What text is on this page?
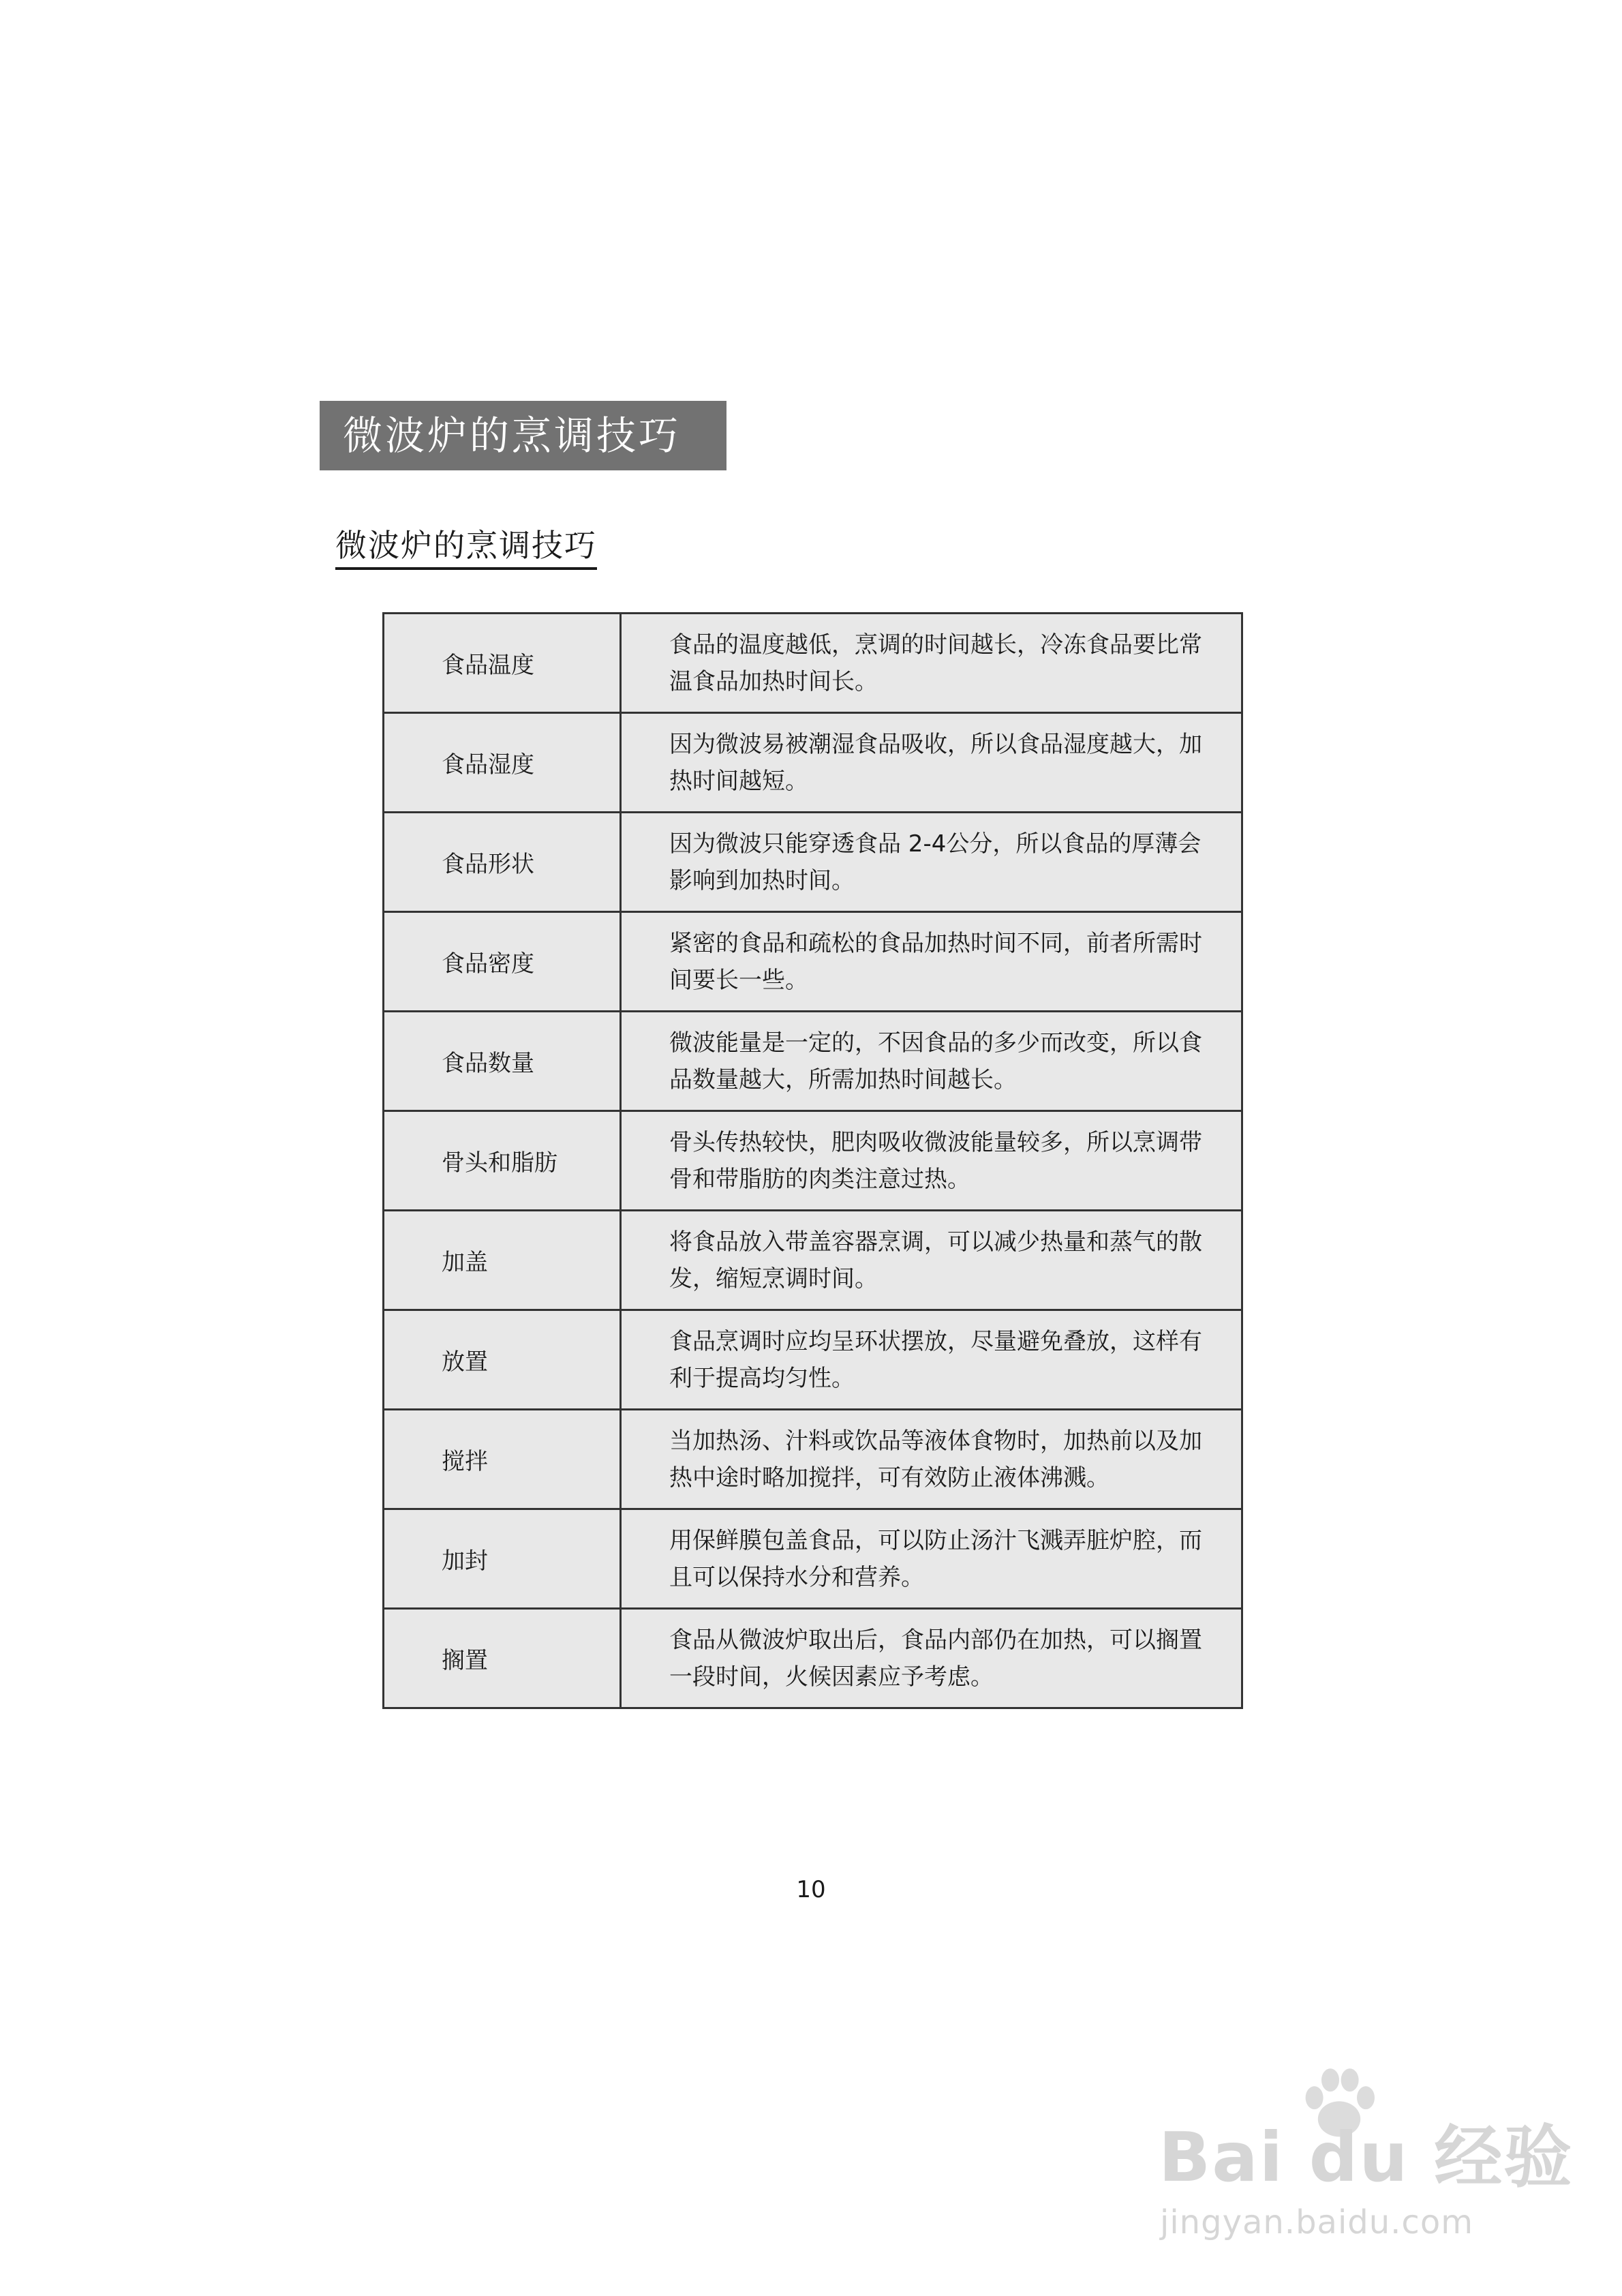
微波炉的烹调技巧
微波炉的烹调技巧
食品温度	食品的温度越低，烹调的时间越长，冷冻食品要比常温食品加热时间长。
食品湿度	因为微波易被潮湿食品吸收，所以食品湿度越大，加热时间越短。
食品形状	因为微波只能穿透食品 2-4公分，所以食品的厚薄会影响到加热时间。
食品密度	紧密的食品和疏松的食品加热时间不同，前者所需时间要长一些。
食品数量	微波能量是一定的，不因食品的多少而改变，所以食品数量越大，所需加热时间越长。
骨头和脂肪	骨头传热较快，肥肉吸收微波能量较多，所以烹调带骨和带脂肪的肉类注意过热。
加盖	将食品放入带盖容器烹调，可以减少热量和蒸气的散发，缩短烹调时间。
放置	食品烹调时应均呈环状摆放，尽量避免叠放，这样有利于提高均匀性。
搅拌	当加热汤、汁料或饮品等液体食物时，加热前以及加热中途时略加搅拌，可有效防止液体沸溅。
加封	用保鲜膜包盖食品，可以防止汤汁飞溅弄脏炉腔，而且可以保持水分和营养。
搁置	食品从微波炉取出后，食品内部仍在加热，可以搁置一段时间，火候因素应予考虑。
10
Bai du 经验
jingyan.baidu.com
